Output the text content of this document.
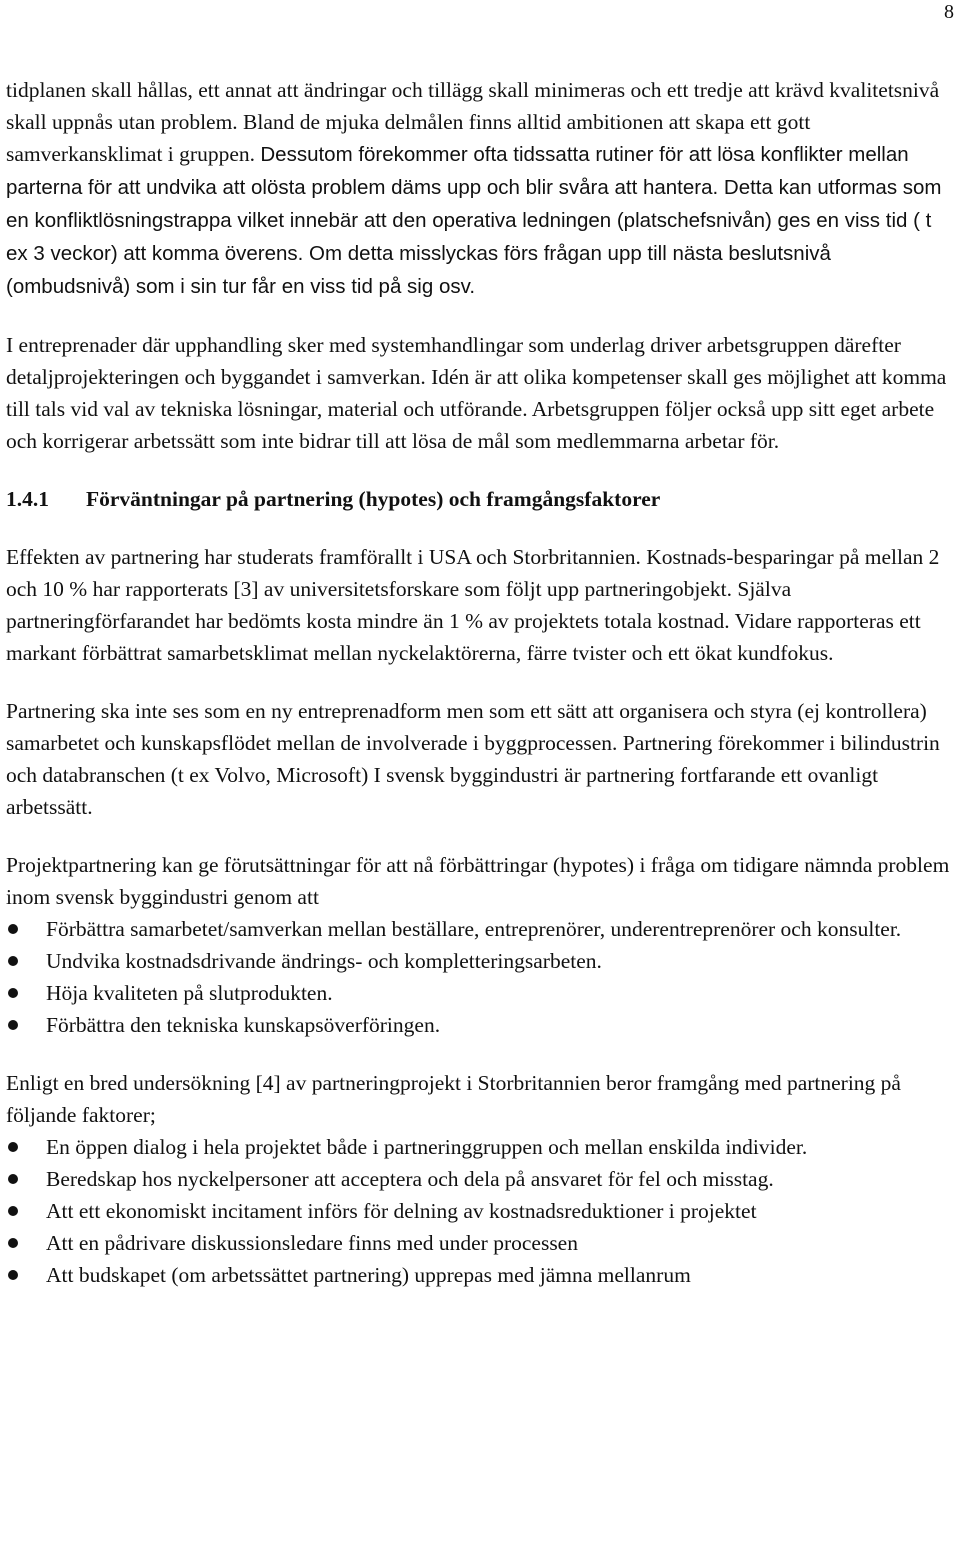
8

tidplanen skall hållas, ett annat att ändringar och tillägg skall minimeras och ett tredje att krävd kvalitetsnivå skall uppnås utan problem. Bland de mjuka delmålen finns alltid ambitionen att skapa ett gott samverkansklimat i gruppen. Dessutom förekommer ofta tidssatta rutiner för att lösa konflikter mellan parterna för att undvika att olösta problem däms upp och blir svåra att hantera. Detta kan utformas som en konfliktlösningstrappa vilket innebär att den operativa ledningen (platschefsnivån) ges en viss tid ( t ex 3 veckor) att komma överens. Om detta misslyckas förs frågan upp till nästa beslutsnivå (ombudsnivå) som i sin tur får en viss tid på sig osv.

I entreprenader där upphandling sker med systemhandlingar som underlag driver arbetsgruppen därefter detaljprojekteringen och byggandet i samverkan. Idén är att olika kompetenser skall ges möjlighet att komma till tals vid val av tekniska lösningar, material och utförande. Arbetsgruppen följer också upp sitt eget arbete och korrigerar arbetssätt som inte bidrar till att lösa de mål som medlemmarna arbetar för.

1.4.1	Förväntningar på partnering (hypotes) och framgångsfaktorer

Effekten av partnering har studerats framförallt i USA och Storbritannien. Kostnads-besparingar på mellan 2 och 10 % har rapporterats [3] av universitetsforskare som följt upp partneringobjekt. Själva partneringförfarandet har bedömts kosta mindre än 1 % av projektets totala kostnad. Vidare rapporteras ett markant förbättrat samarbetsklimat mellan nyckelaktörerna, färre tvister och ett ökat kundfokus.

Partnering ska inte ses som en ny entreprenadform men som ett sätt att organisera och styra (ej kontrollera) samarbetet och kunskapsflödet mellan de involverade i byggprocessen. Partnering förekommer i bilindustrin och databranschen (t ex Volvo, Microsoft) I svensk byggindustri är partnering fortfarande ett ovanligt arbetssätt.

Projektpartnering kan ge förutsättningar för att nå förbättringar (hypotes) i fråga om tidigare nämnda problem inom svensk byggindustri genom att

Förbättra samarbetet/samverkan mellan beställare, entreprenörer, underentreprenörer och konsulter.
Undvika kostnadsdrivande ändrings- och kompletteringsarbeten.
Höja kvaliteten på slutprodukten.
Förbättra den tekniska kunskapsöverföringen.

Enligt en bred undersökning [4] av partneringprojekt i Storbritannien beror framgång med partnering på följande faktorer;

En öppen dialog i hela projektet både i partneringgruppen och mellan enskilda individer.
Beredskap hos nyckelpersoner att acceptera och dela på ansvaret för fel och misstag.
Att ett ekonomiskt incitament införs för delning av kostnadsreduktioner i projektet
Att en pådrivare diskussionsledare finns med under processen
Att budskapet (om arbetssättet partnering) upprepas med jämna mellanrum
